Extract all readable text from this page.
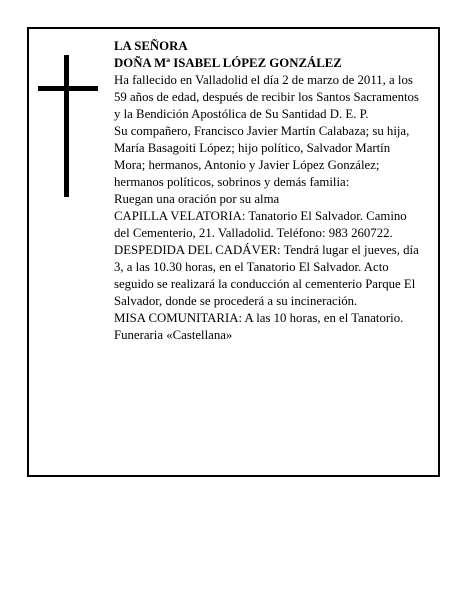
LA SEÑORA

DOÑA Mª ISABEL LÓPEZ GONZÁLEZ

Ha fallecido en Valladolid el día 2 de marzo de 2011, a los 59 años de edad, después de recibir los Santos Sacramentos y la Bendición Apostólica de Su Santidad D. E. P.

Su compañero, Francisco Javier Martín Calabaza; su hija, María Basagoiti López; hijo político, Salvador Martín Mora; hermanos, Antonio y Javier López González; hermanos políticos, sobrinos y demás familia:

Ruegan una oración por su alma

CAPILLA VELATORIA: Tanatorio El Salvador. Camino del Cementerio, 21. Valladolid. Teléfono: 983 260722.

DESPEDIDA DEL CADÁVER: Tendrá lugar el jueves, día 3, a las 10.30 horas, en el Tanatorio El Salvador. Acto seguido se realizará la conducción al cementerio Parque El Salvador, donde se procederá a su incineración.

MISA COMUNITARIA: A las 10 horas, en el Tanatorio.

Funeraria «Castellana»
